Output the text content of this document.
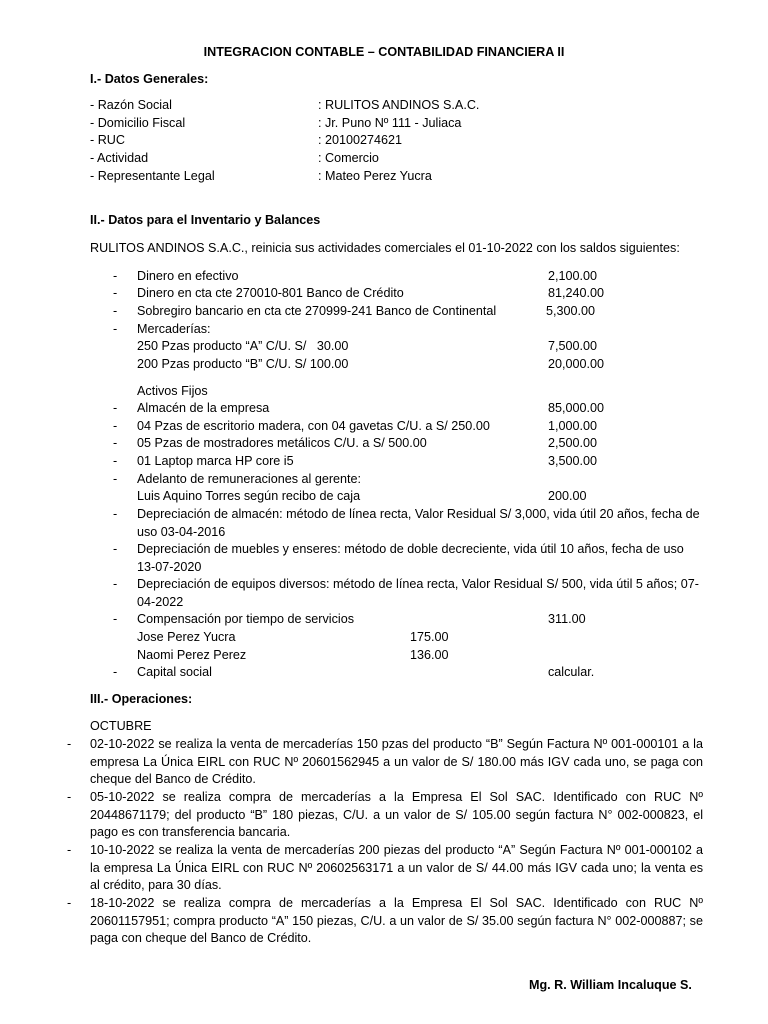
INTEGRACION CONTABLE – CONTABILIDAD FINANCIERA II
I.- Datos Generales:
- Razón Social	: RULITOS ANDINOS S.A.C.
- Domicilio Fiscal	: Jr. Puno Nº 111 - Juliaca
- RUC	: 20100274621
- Actividad	: Comercio
- Representante Legal	: Mateo Perez Yucra
II.- Datos para el Inventario y Balances
RULITOS ANDINOS S.A.C., reinicia sus actividades comerciales el 01-10-2022 con los saldos siguientes:
- Dinero en efectivo	2,100.00
- Dinero en cta cte 270010-801 Banco de Crédito	81,240.00
- Sobregiro bancario en cta cte 270999-241 Banco de Continental	5,300.00
- Mercaderías:
250 Pzas producto “A” C/U. S/   30.00	7,500.00
200 Pzas producto “B” C/U. S/ 100.00	20,000.00
Activos Fijos
- Almacén de la empresa	85,000.00
- 04 Pzas de escritorio madera, con 04 gavetas C/U. a S/ 250.00	1,000.00
- 05 Pzas de mostradores metálicos C/U. a S/ 500.00	2,500.00
- 01 Laptop marca HP core i5	3,500.00
- Adelanto de remuneraciones al gerente:
Luis Aquino Torres según recibo de caja	200.00
- Depreciación de almacén: método de línea recta, Valor Residual S/ 3,000, vida útil 20 años, fecha de uso 03-04-2016
- Depreciación de muebles y enseres: método de doble decreciente, vida útil 10 años, fecha de uso 13-07-2020
- Depreciación de equipos diversos: método de línea recta, Valor Residual S/ 500, vida útil 5 años; 07-04-2022
- Compensación por tiempo de servicios	311.00
Jose Perez Yucra	175.00
Naomi Perez Perez	136.00
- Capital social	calcular.
III.- Operaciones:
OCTUBRE
- 02-10-2022 se realiza la venta de mercaderías 150 pzas del producto “B” Según Factura Nº 001-000101 a la empresa La Única EIRL con RUC Nº 20601562945 a un valor de S/ 180.00 más IGV cada uno, se paga con cheque del Banco de Crédito.
- 05-10-2022 se realiza compra de mercaderías a la Empresa El Sol SAC. Identificado con RUC Nº 20448671179; del producto “B” 180 piezas, C/U. a un valor de S/ 105.00 según factura N° 002-000823, el pago es con transferencia bancaria.
- 10-10-2022 se realiza la venta de mercaderías 200 piezas del producto “A” Según Factura Nº 001-000102 a la empresa La Única EIRL con RUC Nº 20602563171 a un valor de S/ 44.00 más IGV cada uno; la venta es al crédito, para 30 días.
- 18-10-2022 se realiza compra de mercaderías a la Empresa El Sol SAC. Identificado con RUC Nº 20601157951; compra producto “A” 150 piezas, C/U. a un valor de S/ 35.00 según factura N° 002-000887; se paga con cheque del Banco de Crédito.
Mg. R. William Incaluque S.
